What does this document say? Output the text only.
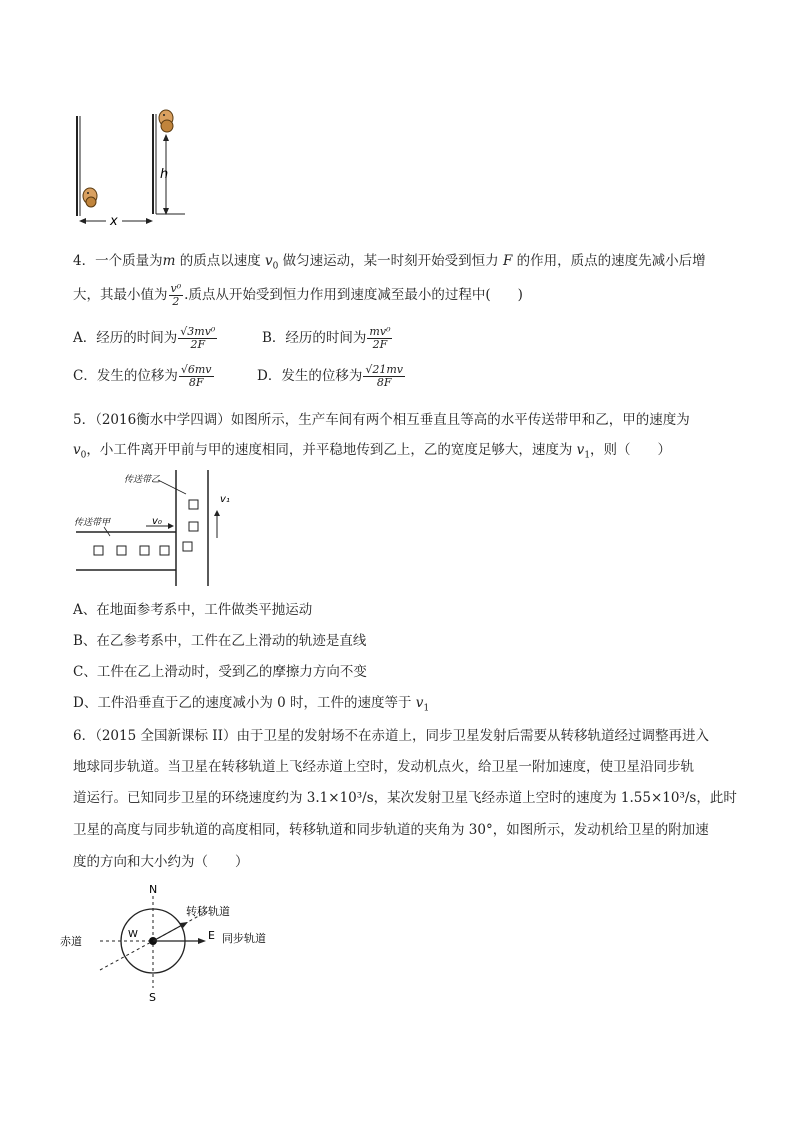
h
x
4．一个质量为m 的质点以速度 $v_0$ 做匀速运动，某一时刻开始受到恒力 F 的作用，质点的速度先减小后增
大，其最小值为 $\frac{\text{v⁰}}{2}$ .质点从开始受到恒力作用到速度减至最小的过程中(　　)
A．经历的时间为 $\frac{\text{√3mv⁰}}{2F}$	B．经历的时间为 $\frac{\text{mv⁰}}{2F}$
C．发生的位移为 $\frac{√6mv}{8F}$	D．发生的位移为 $\frac{√21mv}{8F}$
5．（2016衡水中学四调）如图所示，生产车间有两个相互垂直且等高的水平传送带甲和乙，甲的速度为
$v_0$，小工件离开甲前与甲的速度相同，并平稳地传到乙上，乙的宽度足够大，速度为 $v_1$，则（　　）
传送带乙
传送带甲	v₀
v₁
A、在地面参考系中，工件做类平抛运动
B、在乙参考系中，工件在乙上滑动的轨迹是直线
C、工件在乙上滑动时，受到乙的摩擦力方向不变
D、工件沿垂直于乙的速度减小为 0 时，工件的速度等于 $v_1$
6．（2015 全国新课标 II）由于卫星的发射场不在赤道上，同步卫星发射后需要从转移轨道经过调整再进入
地球同步轨道。当卫星在转移轨道上飞经赤道上空时，发动机点火，给卫星一附加速度，使卫星沿同步轨
道运行。已知同步卫星的环绕速度约为 3.1×10³/s，某次发射卫星飞经赤道上空时的速度为 1.55×10³/s，此时
卫星的高度与同步轨道的高度相同，转移轨道和同步轨道的夹角为 30°，如图所示，发动机给卫星的附加速
度的方向和大小约为（　　）
N
S
W	E
转移轨道
赤道	同步轨道
